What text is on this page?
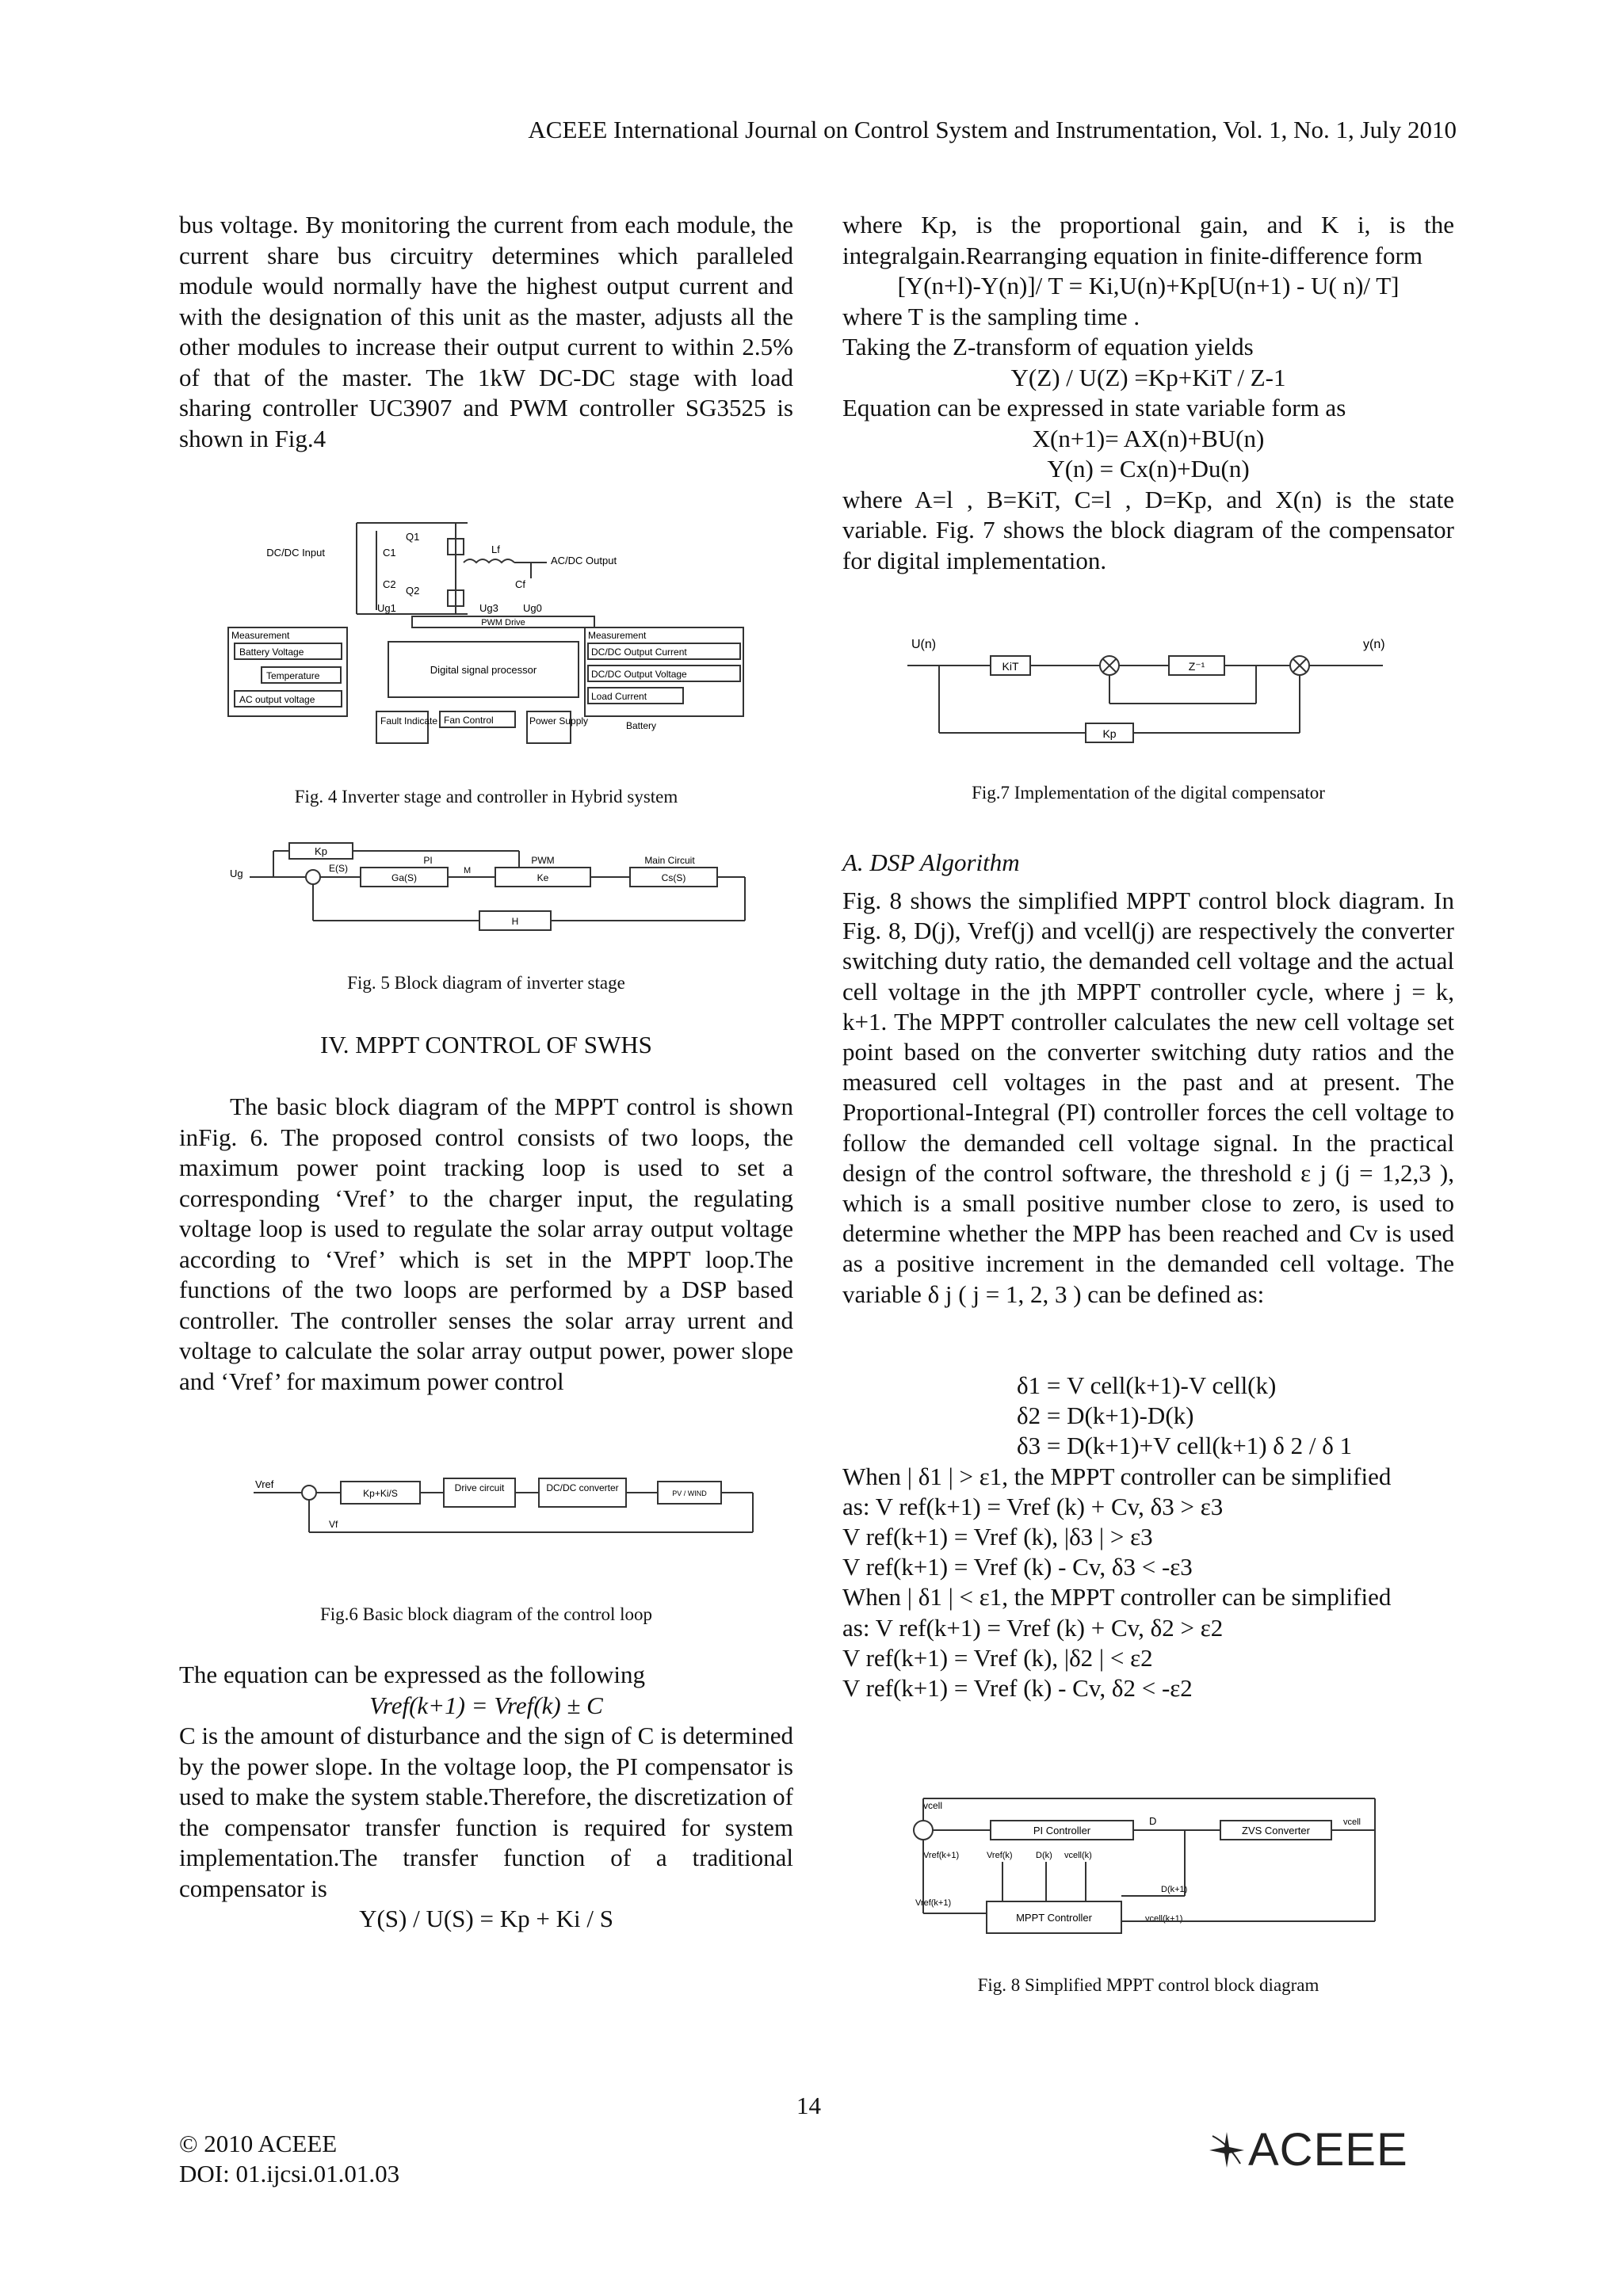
ACEEE International Journal on Control System and Instrumentation, Vol. 1, No. 1, July 2010

bus voltage. By monitoring the current from each module, the current share bus circuitry determines which paralleled module would normally have the highest output current and with the designation of this unit as the master, adjusts all the other modules to increase their output current to within 2.5% of that of the master. The 1kW DC-DC stage with load sharing controller UC3907 and PWM controller SG3525 is shown in Fig.4

DC/DC Input	C1
C2
Q1
Q2
Lf
Cf
AC/DC Output
Ug1	Ug3 Ug0
PWM Drive
Measurement
Battery Voltage
Temperature
AC output voltage
Digital signal processor
Measurement
DC/DC Output Current
DC/DC Output Voltage
Load Current
Fault Indicate Fan Control	Power Supply	Battery
Fig. 4 Inverter stage and controller in Hybrid system
Kp
Ug	E(S)
PI
Ga(S)
M
PWM
Ke
Main Circuit
Cs(S)
H
Fig. 5 Block diagram of inverter stage

IV. MPPT CONTROL OF SWHS

The basic block diagram of the MPPT control is shown inFig. 6. The proposed control consists of two loops, the maximum power point tracking loop is used to set a corresponding ‘Vref’ to the charger input, the regulating voltage loop is used to regulate the solar array output voltage according to ‘Vref’ which is set in the MPPT loop.The functions of the two loops are performed by a DSP based controller. The controller senses the solar array urrent and voltage to calculate the solar array output power, power slope and ‘Vref’ for maximum power control

Vref
Kp+Ki/S	Drive circuit	DC/DC converter	PV / WIND
Vf
Fig.6 Basic block diagram of the control loop

The equation can be expressed as the following

Vref(k+1) = Vref(k) ± C

C is the amount of disturbance and the sign of C is determined by the power slope. In the voltage loop, the PI compensator is used to make the system stable.Therefore, the discretization of the compensator transfer function is required for system implementation.The transfer function of a traditional compensator is

Y(S) / U(S) = Kp + Ki / S

where Kp, is the proportional gain, and K i, is the integralgain.Rearranging equation in finite-difference form

[Y(n+l)-Y(n)]/ T = Ki,U(n)+Kp[U(n+1) - U( n)/ T]

where T is the sampling time .

Taking the Z-transform of equation yields

Y(Z) / U(Z) =Kp+KiT / Z-1

Equation can be expressed in state variable form as

X(n+1)= AX(n)+BU(n)

Y(n) = Cx(n)+Du(n)

where A=l , B=KiT, C=l , D=Kp, and X(n) is the state variable. Fig. 7 shows the block diagram of the compensator for digital implementation.

U(n)
KiT	Z⁻¹
y(n)
Kp
Fig.7 Implementation of the digital compensator

A. DSP Algorithm

Fig. 8 shows the simplified MPPT control block diagram. In Fig. 8, D(j), Vref(j) and vcell(j) are respectively the converter switching duty ratio, the demanded cell voltage and the actual cell voltage in the jth MPPT controller cycle, where j = k, k+1. The MPPT controller calculates the new cell voltage set point based on the converter switching duty ratios and the measured cell voltages in the past and at present. The Proportional-Integral (PI) controller forces the cell voltage to follow the demanded cell voltage signal. In the practical design of the control software, the threshold ε j (j = 1,2,3 ), which is a small positive number close to zero, is used to determine whether the MPP has been reached and Cv is used as a positive increment in the demanded cell voltage. The variable δ j ( j = 1, 2, 3 ) can be defined as:

δ1 = V cell(k+1)-V cell(k)

δ2 = D(k+1)-D(k)

δ3 = D(k+1)+V cell(k+1) δ 2 / δ 1

When | δ1 | > ε1, the MPPT controller can be simplified

as: V ref(k+1) = Vref (k) + Cv, δ3 > ε3

V ref(k+1) = Vref (k), |δ3 | > ε3

V ref(k+1) = Vref (k) - Cv, δ3 < -ε3

When | δ1 | < ε1, the MPPT controller can be simplified

as: V ref(k+1) = Vref (k) + Cv, δ2 > ε2

V ref(k+1) = Vref (k), |δ2 | < ε2

V ref(k+1) = Vref (k) - Cv, δ2 < -ε2

vcell
PI Controller
D
ZVS Converter
vcell
Vref(k+1)	Vref(k)	D(k) vcell(k)
D(k+1)
MPPT Controller
Vref(k+1)
vcell(k+1)
Fig. 8 Simplified MPPT control block diagram
14
© 2010 ACEEE
DOI: 01.ijcsi.01.01.03	ACEEE
